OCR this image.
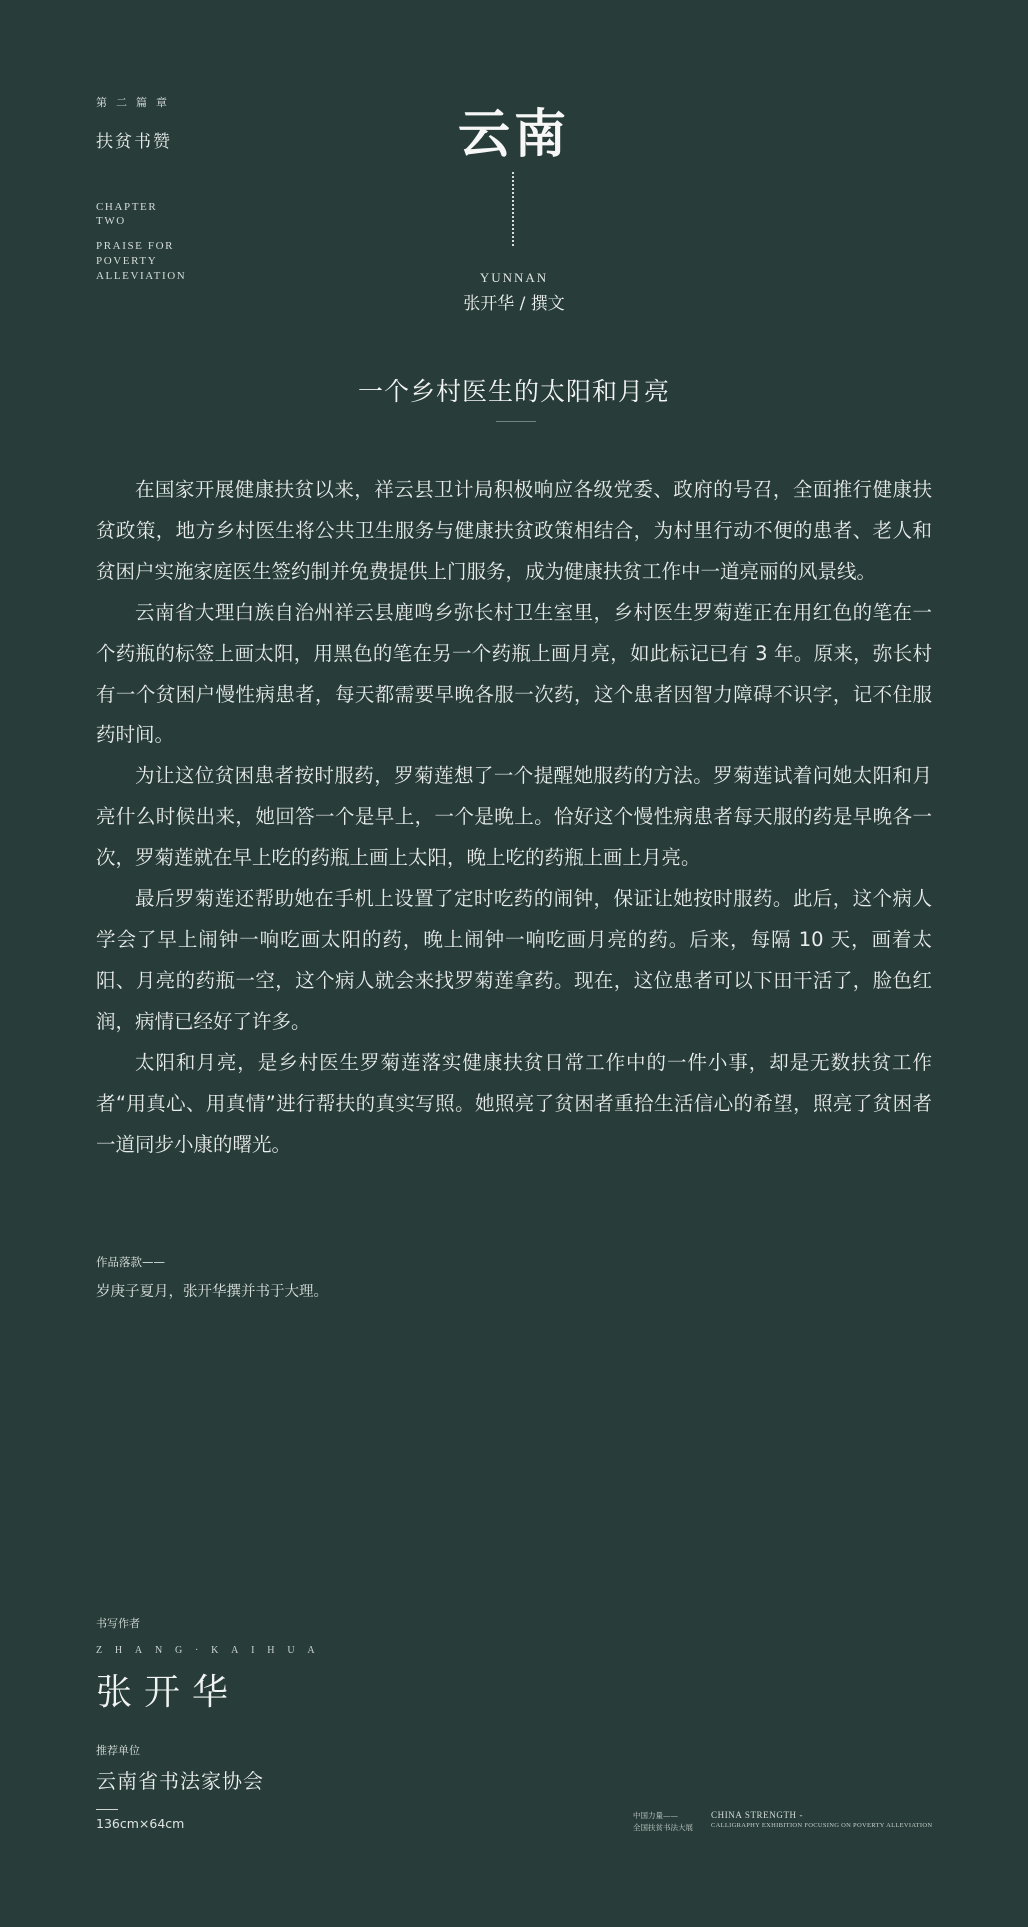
第二篇章
扶贫书赞
CHAPTER
TWO
PRAISE FOR
POVERTY
ALLEVIATION
云南
YUNNAN
张开华 / 撰文
一个乡村医生的太阳和月亮

在国家开展健康扶贫以来，祥云县卫计局积极响应各级党委、政府的号召，全面推行健康扶贫政策，地方乡村医生将公共卫生服务与健康扶贫政策相结合，为村里行动不便的患者、老人和贫困户实施家庭医生签约制并免费提供上门服务，成为健康扶贫工作中一道亮丽的风景线。

云南省大理白族自治州祥云县鹿鸣乡弥长村卫生室里，乡村医生罗菊莲正在用红色的笔在一个药瓶的标签上画太阳，用黑色的笔在另一个药瓶上画月亮，如此标记已有 3 年。原来，弥长村有一个贫困户慢性病患者，每天都需要早晚各服一次药，这个患者因智力障碍不识字，记不住服药时间。

为让这位贫困患者按时服药，罗菊莲想了一个提醒她服药的方法。罗菊莲试着问她太阳和月亮什么时候出来，她回答一个是早上，一个是晚上。恰好这个慢性病患者每天服的药是早晚各一次，罗菊莲就在早上吃的药瓶上画上太阳，晚上吃的药瓶上画上月亮。

最后罗菊莲还帮助她在手机上设置了定时吃药的闹钟，保证让她按时服药。此后，这个病人学会了早上闹钟一响吃画太阳的药，晚上闹钟一响吃画月亮的药。后来，每隔 10 天，画着太阳、月亮的药瓶一空，这个病人就会来找罗菊莲拿药。现在，这位患者可以下田干活了，脸色红润，病情已经好了许多。

太阳和月亮，是乡村医生罗菊莲落实健康扶贫日常工作中的一件小事，却是无数扶贫工作者“用真心、用真情”进行帮扶的真实写照。她照亮了贫困者重拾生活信心的希望，照亮了贫困者一道同步小康的曙光。

作品落款——
岁庚子夏月，张开华撰并书于大理。
书写作者
ZHANG·KAIHUA
张开华
推荐单位
云南省书法家协会
136cm×64cm
中国力量——
全国扶贫书法大展
CHINA STRENGTH -
CALLIGRAPHY EXHIBITION FOCUSING ON POVERTY ALLEVIATION
